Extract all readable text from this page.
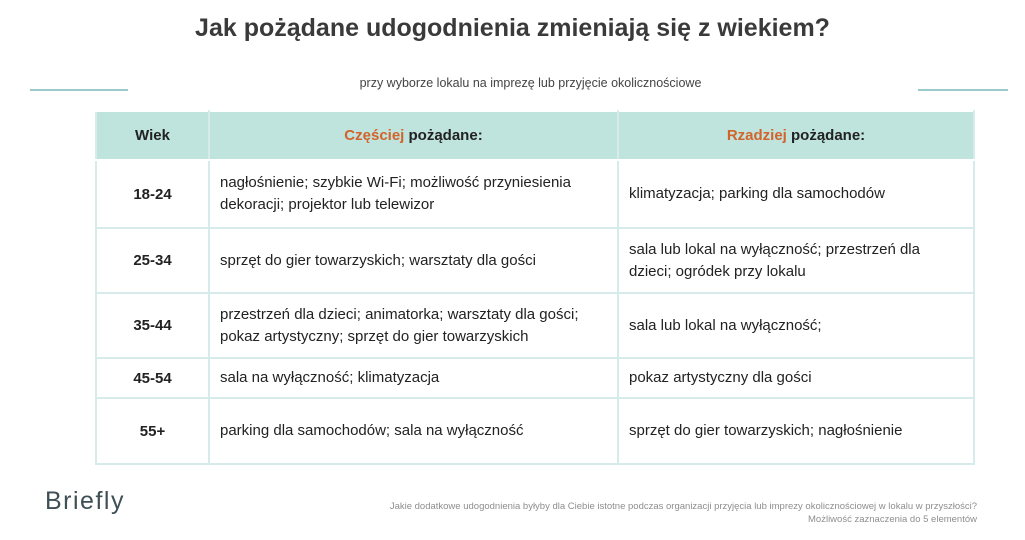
Jak pożądane udogodnienia zmieniają się z wiekiem?
przy wyborze lokalu na imprezę lub przyjęcie okolicznościowe
Wiek	Częściej pożądane:	Rzadziej pożądane:
18-24	nagłośnienie; szybkie Wi-Fi; możliwość przyniesienia dekoracji; projektor lub telewizor	klimatyzacja; parking dla samochodów
25-34	sprzęt do gier towarzyskich; warsztaty dla gości	sala lub lokal na wyłączność; przestrzeń dla dzieci; ogródek przy lokalu
35-44	przestrzeń dla dzieci; animatorka; warsztaty dla gości; pokaz artystyczny; sprzęt do gier towarzyskich	sala lub lokal na wyłączność;
45-54	sala na wyłączność; klimatyzacja	pokaz artystyczny dla gości
55+	parking dla samochodów; sala na wyłączność	sprzęt do gier towarzyskich; nagłośnienie
Briefly	Jakie dodatkowe udogodnienia byłyby dla Ciebie istotne podczas organizacji przyjęcia lub imprezy okolicznościowej w lokalu w przyszłości?
Możliwość zaznaczenia do 5 elementów
